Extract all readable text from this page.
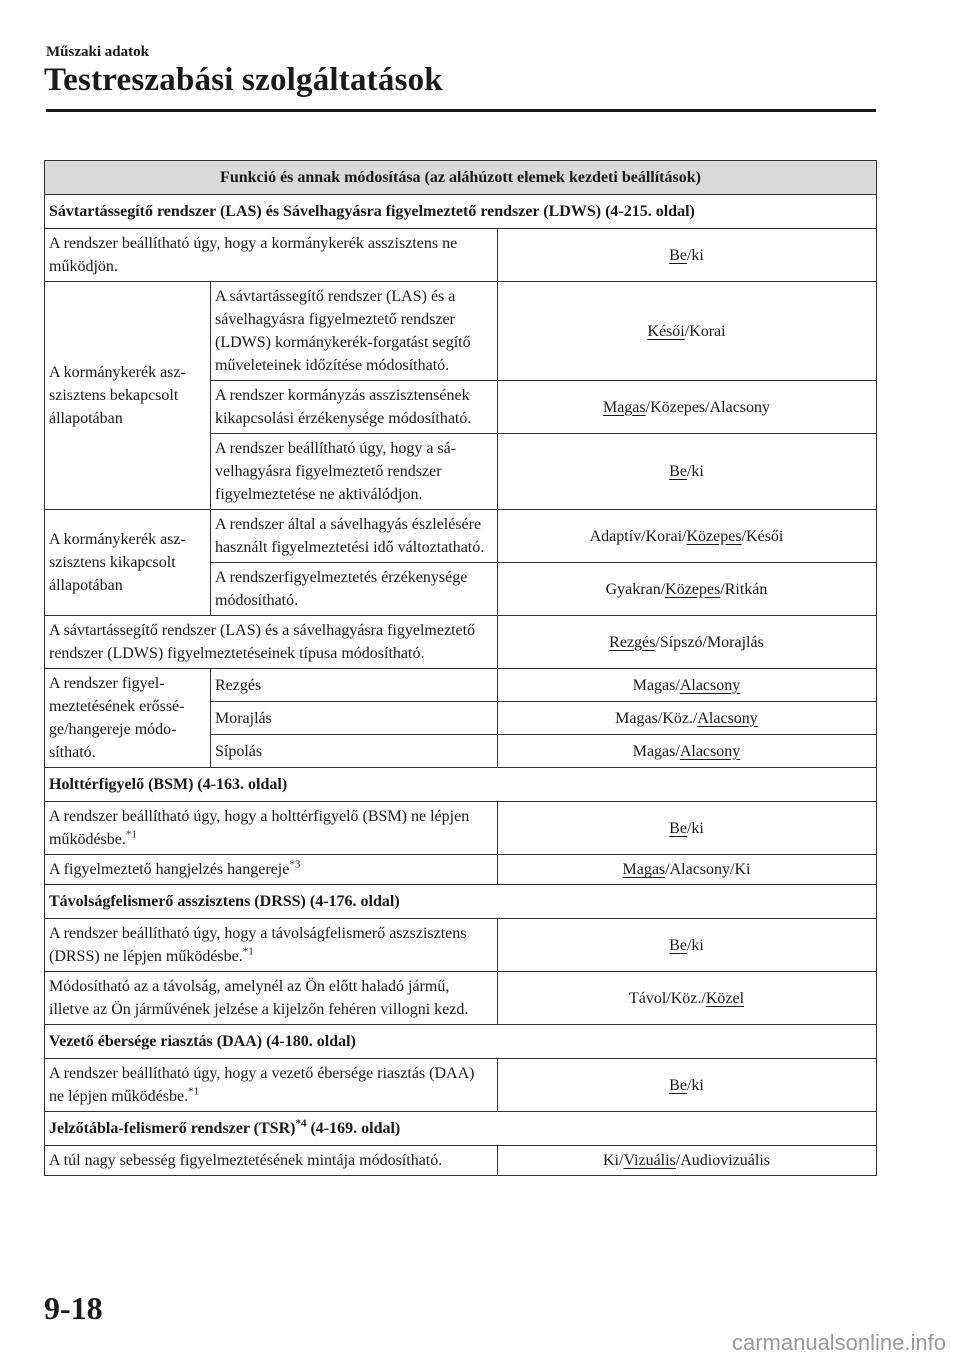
Műszaki adatok
Testreszabási szolgáltatások
Funkció és annak módosítása (az aláhúzott elemek kezdeti beállítások)		
Sávtartássegítő rendszer (LAS) és Sávelhagyásra figyelmeztető rendszer (LDWS) (4-215. oldal)		
A rendszer beállítható úgy, hogy a kormánykerék asszisztens ne működjön.		Be/ki
A kormánykerék aszszisztens bekapcsolt állapotában	A sávtartássegítő rendszer (LAS) és a sávelhagyásra figyelmeztető rendszer (LDWS) kormánykerék-forgatást segítő műveleteinek időzítése módosítható.	Késői/Korai
	A rendszer kormányzás asszisztensének kikapcsolási érzékenysége módosítható.	Magas/Közepes/Alacsony
	A rendszer beállítható úgy, hogy a sávelhagyásra figyelmeztető rendszer figyelmeztetése ne aktiválódjon.	Be/ki
A kormánykerék aszszisztens kikapcsolt állapotában	A rendszer által a sávelhagyás észlelésére használt figyelmeztetési idő változtatható.	Adaptív/Korai/Közepes/Késői
	A rendszerfigyelmeztetés érzékenysége módosítható.	Gyakran/Közepes/Ritkán
A sávtartássegítő rendszer (LAS) és a sávelhagyásra figyelmeztető rendszer (LDWS) figyelmeztetéseinek típusa módosítható.		Rezgés/Sípszó/Morajlás
A rendszer figyelmeztetésének erőssége/hangereje módosítható.	Rezgés	Magas/Alacsony
	Morajlás	Magas/Köz./Alacsony
	Sípolás	Magas/Alacsony
Holttérfigyelő (BSM) (4-163. oldal)		
A rendszer beállítható úgy, hogy a holttérfigyelő (BSM) ne lépjen működésbe.$^{*1}$		Be/ki
A figyelmeztető hangjelzés hangereje$^{*3}$		Magas/Alacsony/Ki
Távolságfelismerő asszisztens (DRSS) (4-176. oldal)		
A rendszer beállítható úgy, hogy a távolságfelismerő aszszisztens (DRSS) ne lépjen működésbe.$^{*1}$		Be/ki
Módosítható az a távolság, amelynél az Ön előtt haladó jármű, illetve az Ön járművének jelzése a kijelzőn fehéren villogni kezd.		Távol/Köz./Közel
Vezető ébersége riasztás (DAA) (4-180. oldal)		
A rendszer beállítható úgy, hogy a vezető ébersége riasztás (DAA) ne lépjen működésbe.$^{*1}$		Be/ki
Jelzőtábla-felismerő rendszer (TSR)$^{*4}$ (4-169. oldal)		
A túl nagy sebesség figyelmeztetésének mintája módosítható.		Ki/Vizuális/Audiovizuális
9-18
carmanualsonline.info
